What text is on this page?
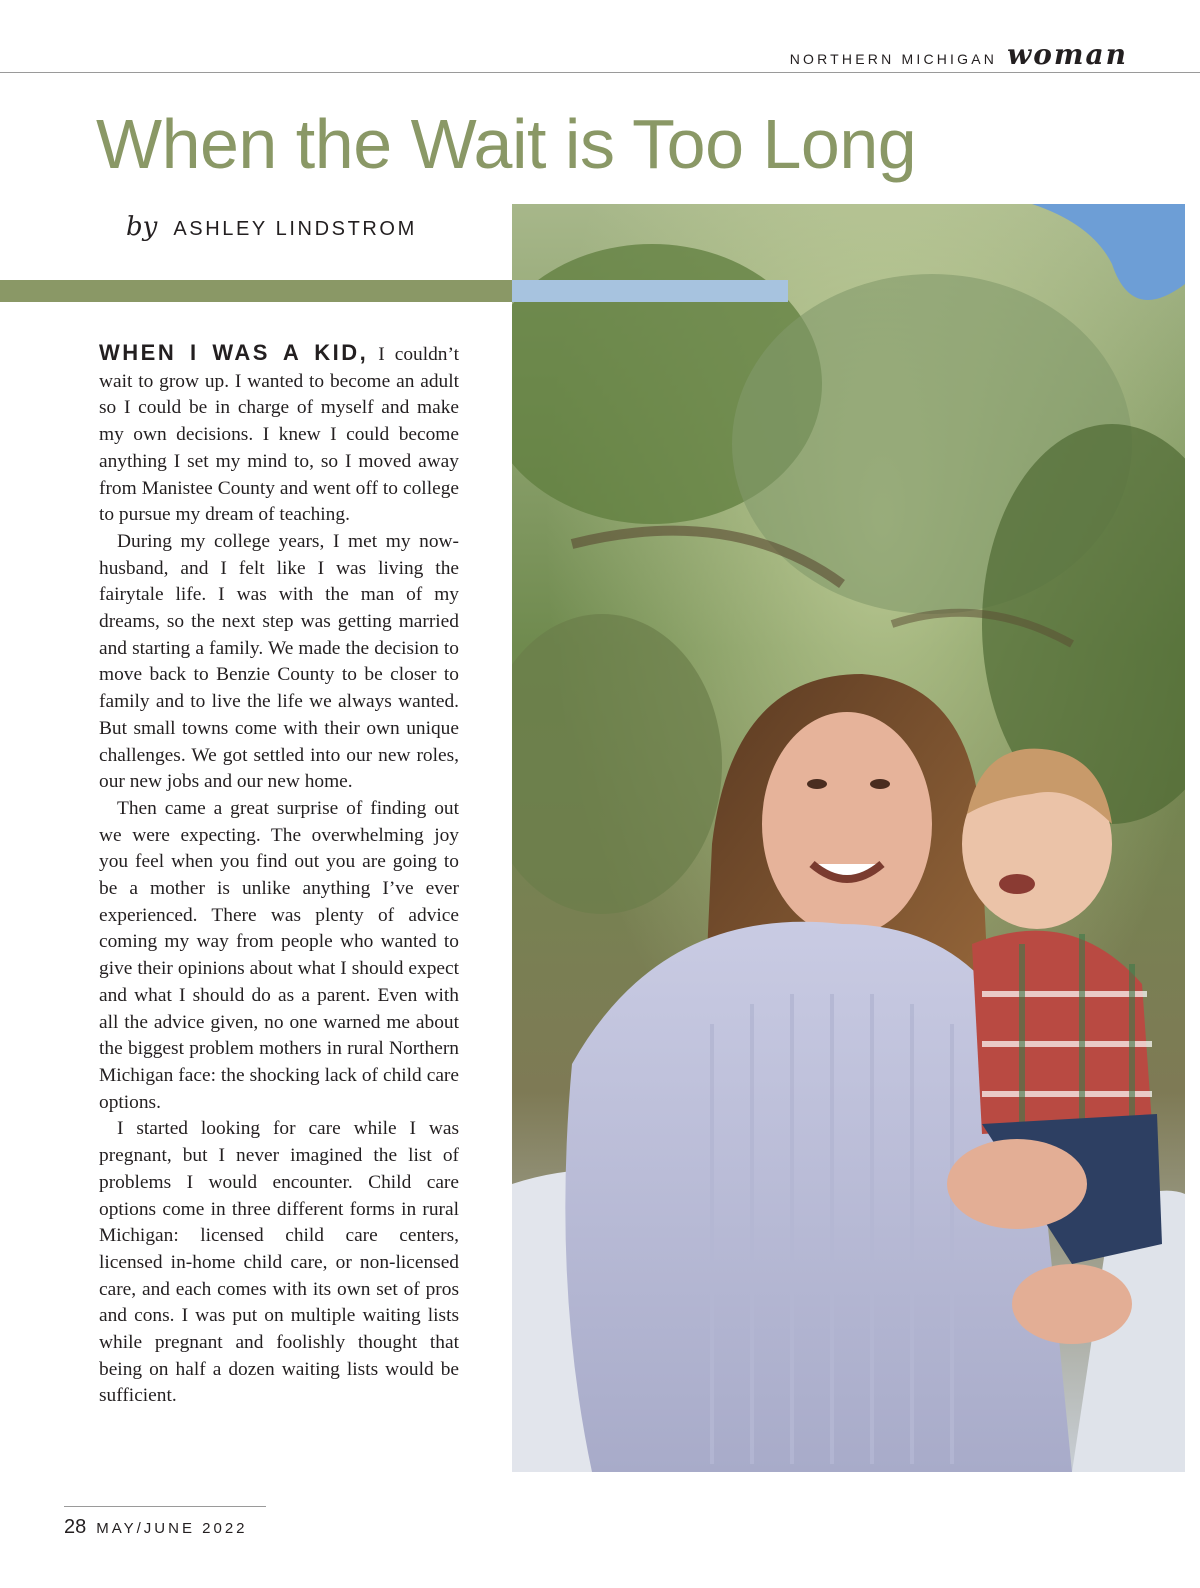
NORTHERN MICHIGAN woman
When the Wait is Too Long
by ASHLEY LINDSTROM

WHEN I WAS A KID, I couldn’t wait to grow up. I wanted to become an adult so I could be in charge of myself and make my own decisions. I knew I could become anything I set my mind to, so I moved away from Manistee County and went off to college to pursue my dream of teaching.

During my college years, I met my now-husband, and I felt like I was living the fairytale life. I was with the man of my dreams, so the next step was getting married and starting a family. We made the decision to move back to Benzie County to be closer to family and to live the life we always wanted. But small towns come with their own unique challenges. We got settled into our new roles, our new jobs and our new home.

Then came a great surprise of finding out we were expecting. The overwhelming joy you feel when you find out you are going to be a mother is unlike anything I’ve ever experienced. There was plenty of advice coming my way from people who wanted to give their opinions about what I should expect and what I should do as a parent. Even with all the advice given, no one warned me about the biggest problem mothers in rural Northern Michigan face: the shocking lack of child care options.

I started looking for care while I was pregnant, but I never imagined the list of problems I would encounter. Child care options come in three different forms in rural Michigan: licensed child care centers, licensed in-home child care, or non-licensed care, and each comes with its own set of pros and cons. I was put on multiple waiting lists while pregnant and foolishly thought that being on half a dozen waiting lists would be sufficient.

28 MAY/JUNE 2022
